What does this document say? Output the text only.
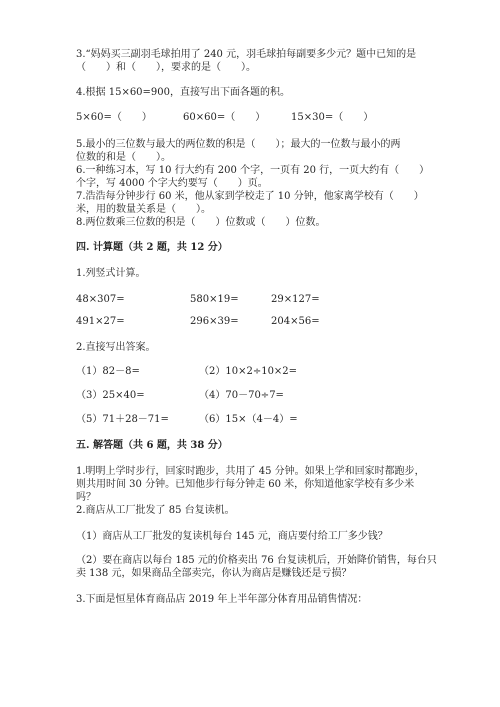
3.“妈妈买三副羽毛球拍用了 240 元，羽毛球拍每副要多少元？题中已知的是
（　　）和（　　），要求的是（　　）。
4.根据 15×60=900，直接写出下面各题的积。
5×60=（　　）	60×60=（　　）	15×30=（　　）
5.最小的三位数与最大的两位数的积是（　　）；最大的一位数与最小的两
位数的和是（　　）。
6.一种练习本，写 10 行大约有 200 个字，一页有 20 行，一页大约有（　　）
个字，写 4000 个字大约要写（　　）页。
7.浩浩每分钟步行 60 米，他从家到学校走了 10 分钟，他家离学校有（　　）
米，用的数量关系是（　　）。
8.两位数乘三位数的积是（　　）位数或（　　）位数。
四. 计算题（共 2 题，共 12 分）
1.列竖式计算。
48×307=	580×19=	29×127=
491×27=	296×39=	204×56=
2.直接写出答案。
（1）82－8=	（2）10×2÷10×2=
（3）25×40=	（4）70－70÷7=
（5）71＋28－71=	（6）15×（4－4）=
五. 解答题（共 6 题，共 38 分）
1.明明上学时步行，回家时跑步，共用了 45 分钟。如果上学和回家时都跑步，
则共用时间 30 分钟。已知他步行每分钟走 60 米，你知道他家学校有多少米
吗？
2.商店从工厂批发了 85 台复读机。
（1）商店从工厂批发的复读机每台 145 元，商店要付给工厂多少钱？
（2）要在商店以每台 185 元的价格卖出 76 台复读机后，开始降价销售，每台只
卖 138 元，如果商品全部卖完，你认为商店是赚钱还是亏损？
3.下面是恒星体育商品店 2019 年上半年部分体育用品销售情况：
